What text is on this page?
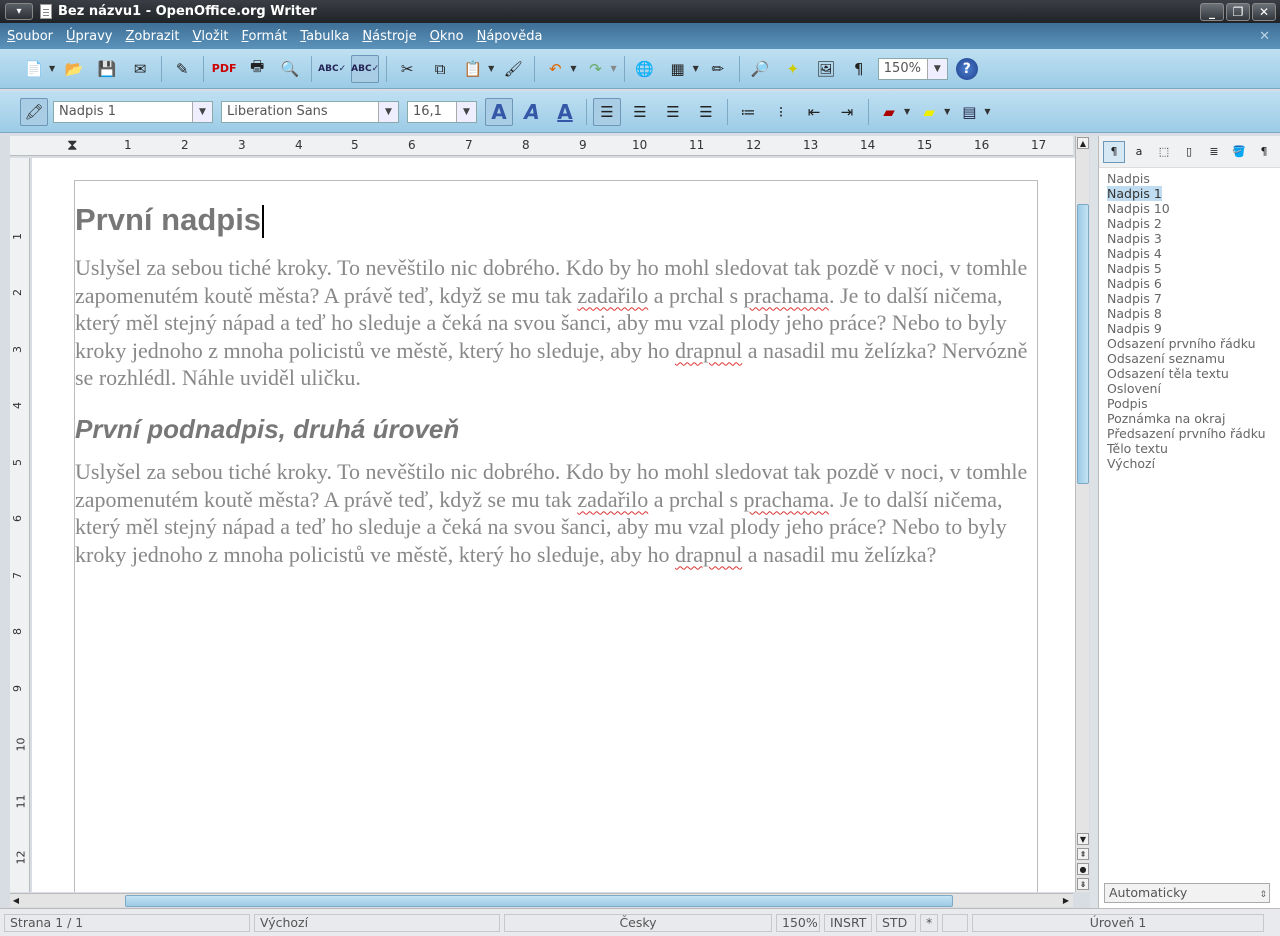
▾	Bez názvu1 - OpenOffice.org Writer	_	❐	✕
Soubor Úpravy Zobrazit Vložit Formát Tabulka Nástroje Okno Nápověda	✕
📄 ▼ 📂 💾	✉	✎	PDF 🖶	🔍	ABC✓ ABC✓	✂	⧉	📋 ▼ 🖌	↶	▼ ↷	▼	🌐	▦ ▼ ✏	🔎	✦	🖼	¶	150%	▼	?
🖍	Nadpis 1	▼	Liberation Sans	▼	16,1	▼	A A A	☰	☰	☰	☰	≔	⁝	⇤	⇥	▰	▼ ▰	▼ ▤ ▼
⧗	1	2	3	4	5	6	7	8	9	10	11	12	13	14	15	16	17
1
2
3
4
5
6
7
8
9
10
11
12
První nadpis
Uslyšel za sebou tiché kroky. To nevěštilo nic dobrého. Kdo by ho mohl sledovat tak pozdě v noci, v tomhle zapomenutém koutě města? A právě teď, když se mu tak zadařilo a prchal s prachama. Je to další ničema, který měl stejný nápad a teď ho sleduje a čeká na svou šanci, aby mu vzal plody jeho práce? Nebo to byly kroky jednoho z mnoha policistů ve městě, který ho sleduje, aby ho drapnul a nasadil mu želízka? Nervózně se rozhlédl. Náhle uviděl uličku.
První podnadpis, druhá úroveň
Uslyšel za sebou tiché kroky. To nevěštilo nic dobrého. Kdo by ho mohl sledovat tak pozdě v noci, v tomhle zapomenutém koutě města? A právě teď, když se mu tak zadařilo a prchal s prachama. Je to další ničema, který měl stejný nápad a teď ho sleduje a čeká na svou šanci, aby mu vzal plody jeho práce? Nebo to byly kroky jednoho z mnoha policistů ve městě, který ho sleduje, aby ho drapnul a nasadil mu želízka?
▲
▼
⇞
●
⇟
◀	▶
¶	a	⬚	▯	≣	🪣	¶
Nadpis
Nadpis 1
Nadpis 10
Nadpis 2
Nadpis 3
Nadpis 4
Nadpis 5
Nadpis 6
Nadpis 7
Nadpis 8
Nadpis 9
Odsazení prvního řádku
Odsazení seznamu
Odsazení těla textu
Oslovení
Podpis
Poznámka na okraj
Předsazení prvního řádku
Tělo textu
Výchozí
Automaticky	⇕
Strana 1 / 1	Výchozí	Česky	150% INSRT	STD	*	Úroveň 1
